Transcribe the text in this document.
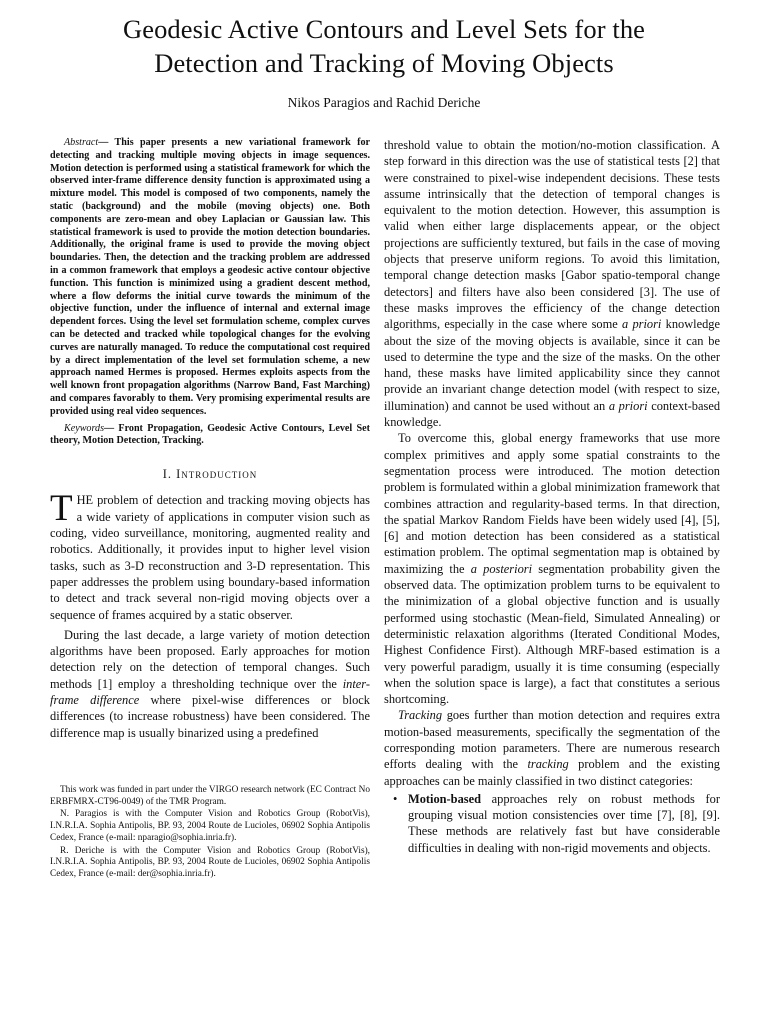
Geodesic Active Contours and Level Sets for the
Detection and Tracking of Moving Objects
Nikos Paragios and Rachid Deriche

Abstract— This paper presents a new variational framework for detecting and tracking multiple moving objects in image sequences. Motion detection is performed using a statistical framework for which the observed inter-frame difference density function is approximated using a mixture model. This model is composed of two components, namely the static (background) and the mobile (moving objects) one. Both components are zero-mean and obey Laplacian or Gaussian law. This statistical framework is used to provide the motion detection boundaries. Additionally, the original frame is used to provide the moving object boundaries. Then, the detection and the tracking problem are addressed in a common framework that employs a geodesic active contour objective function. This function is minimized using a gradient descent method, where a flow deforms the initial curve towards the minimum of the objective function, under the influence of internal and external image dependent forces. Using the level set formulation scheme, complex curves can be detected and tracked while topological changes for the evolving curves are naturally managed. To reduce the computational cost required by a direct implementation of the level set formulation scheme, a new approach named Hermes is proposed. Hermes exploits aspects from the well known front propagation algorithms (Narrow Band, Fast Marching) and compares favorably to them. Very promising experimental results are provided using real video sequences.

Keywords— Front Propagation, Geodesic Active Contours, Level Set theory, Motion Detection, Tracking.

I. Introduction

THE problem of detection and tracking moving objects has a wide variety of applications in computer vision such as coding, video surveillance, monitoring, augmented reality and robotics. Additionally, it provides input to higher level vision tasks, such as 3-D reconstruction and 3-D representation. This paper addresses the problem using boundary-based information to detect and track several non-rigid moving objects over a sequence of frames acquired by a static observer.

During the last decade, a large variety of motion detection algorithms have been proposed. Early approaches for motion detection rely on the detection of temporal changes. Such methods [1] employ a thresholding technique over the inter-frame difference where pixel-wise differences or block differences (to increase robustness) have been considered. The difference map is usually binarized using a predefined

This work was funded in part under the VIRGO research network (EC Contract No ERBFMRX-CT96-0049) of the TMR Program.

N. Paragios is with the Computer Vision and Robotics Group (RobotVis), I.N.R.I.A. Sophia Antipolis, BP. 93, 2004 Route de Lucioles, 06902 Sophia Antipolis Cedex, France (e-mail: nparagio@sophia.inria.fr).

R. Deriche is with the Computer Vision and Robotics Group (RobotVis), I.N.R.I.A. Sophia Antipolis, BP. 93, 2004 Route de Lucioles, 06902 Sophia Antipolis Cedex, France (e-mail: der@sophia.inria.fr).

threshold value to obtain the motion/no-motion classification. A step forward in this direction was the use of statistical tests [2] that were constrained to pixel-wise independent decisions. These tests assume intrinsically that the detection of temporal changes is equivalent to the motion detection. However, this assumption is valid when either large displacements appear, or the object projections are sufficiently textured, but fails in the case of moving objects that preserve uniform regions. To avoid this limitation, temporal change detection masks [Gabor spatio-temporal change detectors] and filters have also been considered [3]. The use of these masks improves the efficiency of the change detection algorithms, especially in the case where some a priori knowledge about the size of the moving objects is available, since it can be used to determine the type and the size of the masks. On the other hand, these masks have limited applicability since they cannot provide an invariant change detection model (with respect to size, illumination) and cannot be used without an a priori context-based knowledge.

To overcome this, global energy frameworks that use more complex primitives and apply some spatial constraints to the segmentation process were introduced. The motion detection problem is formulated within a global minimization framework that combines attraction and regularity-based terms. In that direction, the spatial Markov Random Fields have been widely used [4], [5], [6] and motion detection has been considered as a statistical estimation problem. The optimal segmentation map is obtained by maximizing the a posteriori segmentation probability given the observed data. The optimization problem turns to be equivalent to the minimization of a global objective function and is usually performed using stochastic (Mean-field, Simulated Annealing) or deterministic relaxation algorithms (Iterated Conditional Modes, Highest Confidence First). Although MRF-based estimation is a very powerful paradigm, usually it is time consuming (especially when the solution space is large), a fact that constitutes a serious shortcoming.

Tracking goes further than motion detection and requires extra motion-based measurements, specifically the segmentation of the corresponding motion parameters. There are numerous research efforts dealing with the tracking problem and the existing approaches can be mainly classified in two distinct categories:

• Motion-based approaches rely on robust methods for grouping visual motion consistencies over time [7], [8], [9]. These methods are relatively fast but have considerable difficulties in dealing with non-rigid movements and objects.
